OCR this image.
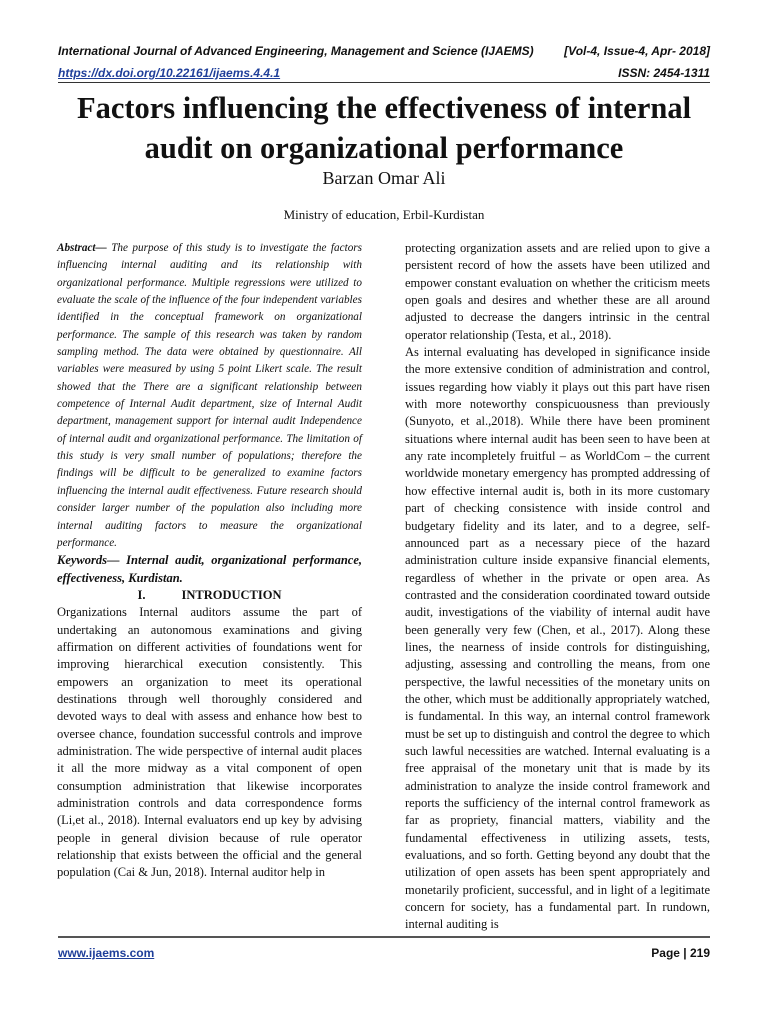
International Journal of Advanced Engineering, Management and Science (IJAEMS)
https://dx.doi.org/10.22161/ijaems.4.4.1
[Vol-4, Issue-4, Apr- 2018]
ISSN: 2454-1311
Factors influencing the effectiveness of internal audit on organizational performance
Barzan Omar Ali
Ministry of education, Erbil-Kurdistan

Abstract— The purpose of this study is to investigate the factors influencing internal auditing and its relationship with organizational performance. Multiple regressions were utilized to evaluate the scale of the influence of the four independent variables identified in the conceptual framework on organizational performance. The sample of this research was taken by random sampling method. The data were obtained by questionnaire. All variables were measured by using 5 point Likert scale. The result showed that the There are a significant relationship between competence of Internal Audit department, size of Internal Audit department, management support for internal audit Independence of internal audit and organizational performance. The limitation of this study is very small number of populations; therefore the findings will be difficult to be generalized to examine factors influencing the internal audit effectiveness. Future research should consider larger number of the population also including more internal auditing factors to measure the organizational performance.

Keywords— Internal audit, organizational performance, effectiveness, Kurdistan.

I.	INTRODUCTION

Organizations Internal auditors assume the part of undertaking an autonomous examinations and giving affirmation on different activities of foundations went for improving hierarchical execution consistently. This empowers an organization to meet its operational destinations through well thoroughly considered and devoted ways to deal with assess and enhance how best to oversee chance, foundation successful controls and improve administration. The wide perspective of internal audit places it all the more midway as a vital component of open consumption administration that likewise incorporates administration controls and data correspondence forms (Li,et al., 2018). Internal evaluators end up key by advising people in general division because of rule operator relationship that exists between the official and the general population (Cai & Jun, 2018). Internal auditor help in

protecting organization assets and are relied upon to give a persistent record of how the assets have been utilized and empower constant evaluation on whether the criticism meets open goals and desires and whether these are all around adjusted to decrease the dangers intrinsic in the central operator relationship (Testa, et al., 2018).

As internal evaluating has developed in significance inside the more extensive condition of administration and control, issues regarding how viably it plays out this part have risen with more noteworthy conspicuousness than previously (Sunyoto, et al.,2018). While there have been prominent situations where internal audit has been seen to have been at any rate incompletely fruitful – as WorldCom – the current worldwide monetary emergency has prompted addressing of how effective internal audit is, both in its more customary part of checking consistence with inside control and budgetary fidelity and its later, and to a degree, self-announced part as a necessary piece of the hazard administration culture inside expansive financial elements, regardless of whether in the private or open area. As contrasted and the consideration coordinated toward outside audit, investigations of the viability of internal audit have been generally very few (Chen, et al., 2017). Along these lines, the nearness of inside controls for distinguishing, adjusting, assessing and controlling the means, from one perspective, the lawful necessities of the monetary units on the other, which must be additionally appropriately watched, is fundamental. In this way, an internal control framework must be set up to distinguish and control the degree to which such lawful necessities are watched. Internal evaluating is a free appraisal of the monetary unit that is made by its administration to analyze the inside control framework and reports the sufficiency of the internal control framework as far as propriety, financial matters, viability and the fundamental effectiveness in utilizing assets, tests, evaluations, and so forth. Getting beyond any doubt that the utilization of open assets has been spent appropriately and monetarily proficient, successful, and in light of a legitimate concern for society, has a fundamental part. In rundown, internal auditing is

www.ijaems.com	Page | 219
